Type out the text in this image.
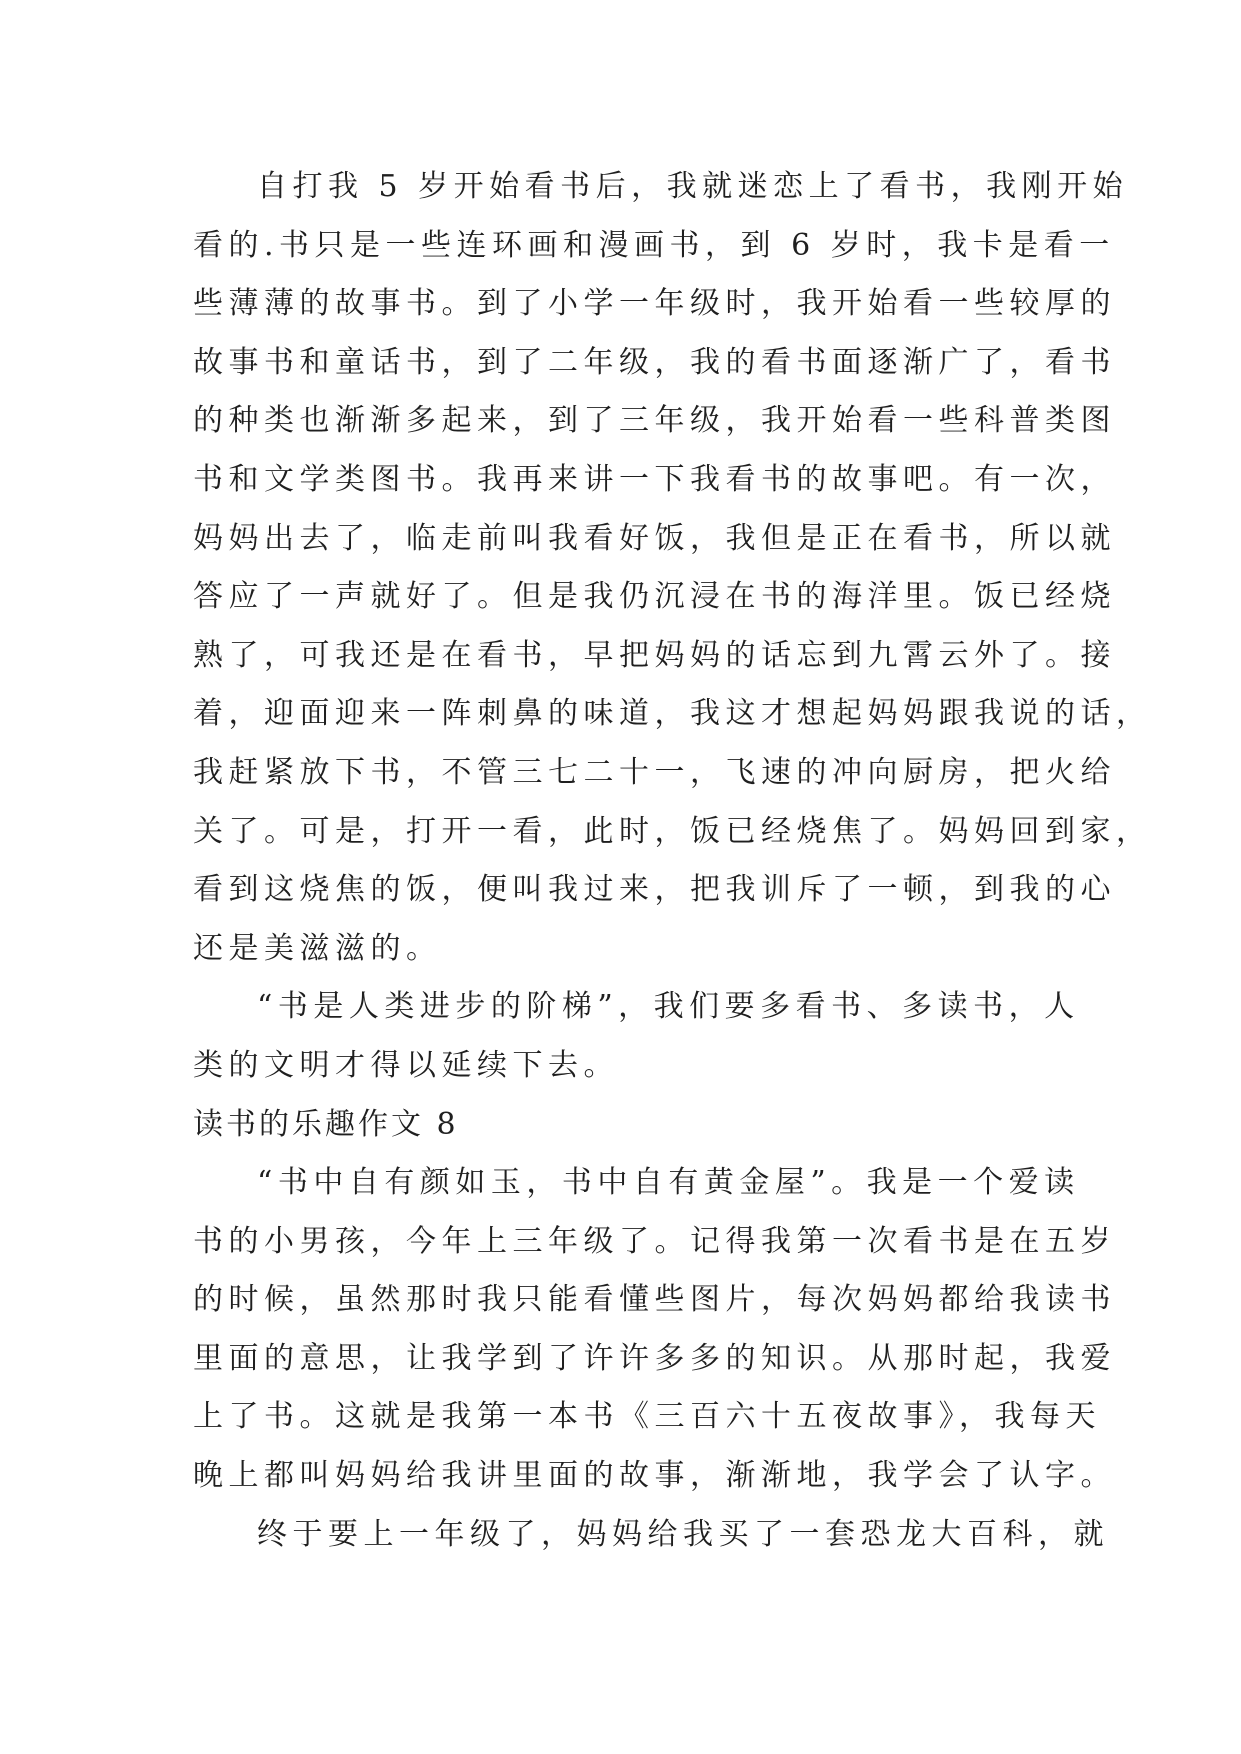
自打我 5 岁开始看书后，我就迷恋上了看书，我刚开始
看的.书只是一些连环画和漫画书，到 6 岁时，我卡是看一
些薄薄的故事书。到了小学一年级时，我开始看一些较厚的
故事书和童话书，到了二年级，我的看书面逐渐广了，看书
的种类也渐渐多起来，到了三年级，我开始看一些科普类图
书和文学类图书。我再来讲一下我看书的故事吧。有一次，
妈妈出去了，临走前叫我看好饭，我但是正在看书，所以就
答应了一声就好了。但是我仍沉浸在书的海洋里。饭已经烧
熟了，可我还是在看书，早把妈妈的话忘到九霄云外了。接
着，迎面迎来一阵刺鼻的味道，我这才想起妈妈跟我说的话，
我赶紧放下书，不管三七二十一，飞速的冲向厨房，把火给
关了。可是，打开一看，此时，饭已经烧焦了。妈妈回到家，
看到这烧焦的饭，便叫我过来，把我训斥了一顿，到我的心
还是美滋滋的。
“书是人类进步的阶梯”，我们要多看书、多读书，人
类的文明才得以延续下去。
读书的乐趣作文 8
“书中自有颜如玉，书中自有黄金屋”。我是一个爱读
书的小男孩，今年上三年级了。记得我第一次看书是在五岁
的时候，虽然那时我只能看懂些图片，每次妈妈都给我读书
里面的意思，让我学到了许许多多的知识。从那时起，我爱
上了书。这就是我第一本书《三百六十五夜故事》，我每天
晚上都叫妈妈给我讲里面的故事，渐渐地，我学会了认字。
终于要上一年级了，妈妈给我买了一套恐龙大百科，就
